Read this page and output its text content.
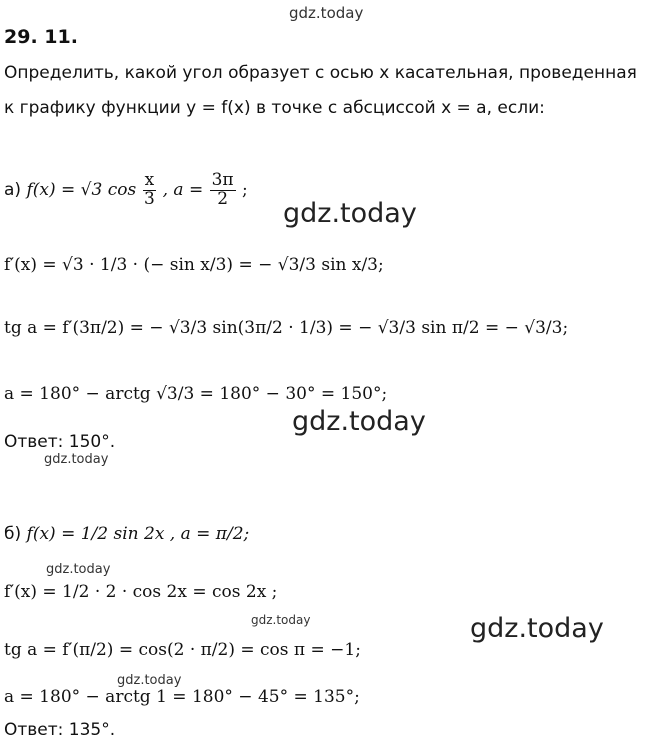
gdz.today
gdz.today
gdz.today
gdz.today
gdz.today
gdz.today	gdz.today
gdz.today
29. 11.
Определить, какой угол образует с осью x касательная, проведенная
к графику функции y = f(x) в точке с абсциссой x = a, если:
а) f(x) = √3 $\cos \frac{x}{3}$ , $a = \frac{3\pi}{2}$ ;
f′(x) = √3 · 1/3 · (− sin x/3) = − √3/3 sin x/3;
tg a = f′(3π/2) = − √3/3 sin(3π/2 · 1/3) = − √3/3 sin π/2 = − √3/3;
a = 180° − arctg √3/3 = 180° − 30° = 150°;
Ответ: 150°.
б) f(x) = 1/2 sin 2x , a = π/2;
f′(x) = 1/2 · 2 · cos 2x = cos 2x ;
tg a = f′(π/2) = cos(2 · π/2) = cos π = −1;
a = 180° − arctg 1 = 180° − 45° = 135°;
Ответ: 135°.
